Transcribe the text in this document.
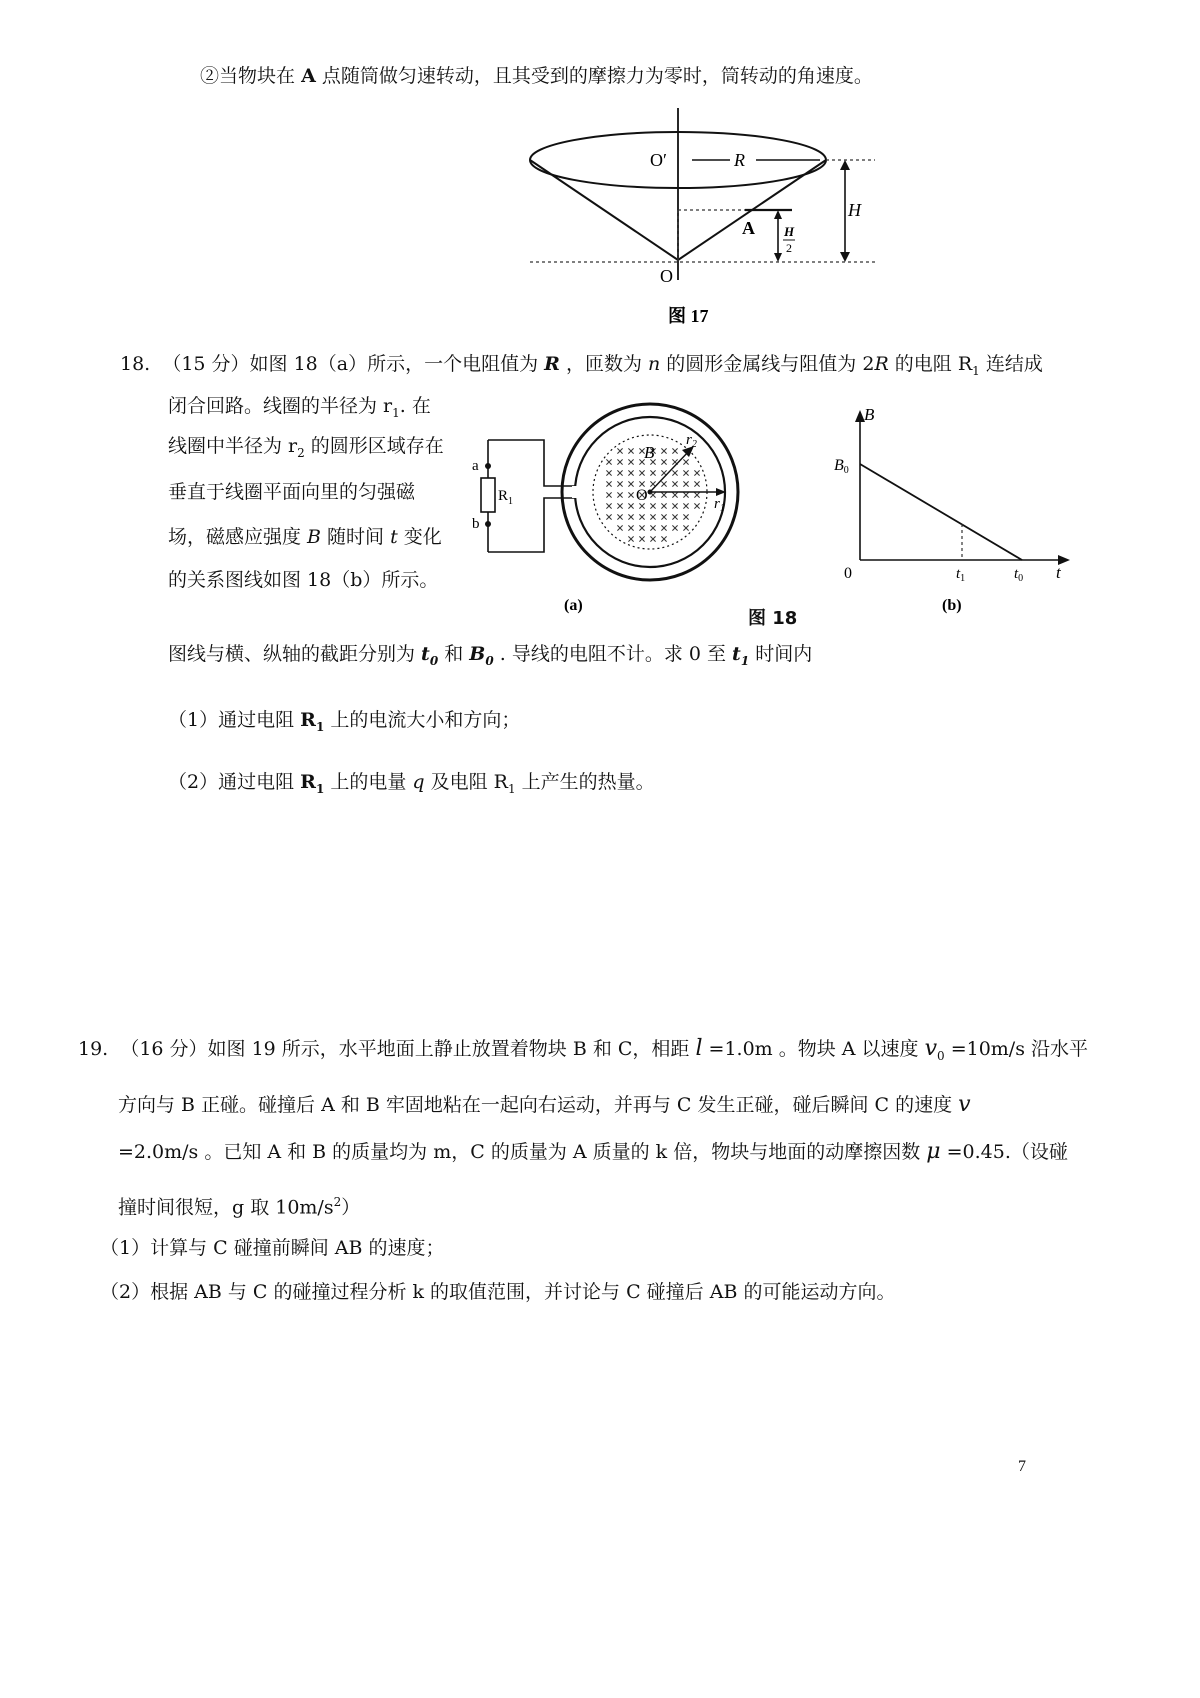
②当物块在 A 点随筒做匀速转动，且其受到的摩擦力为零时，筒转动的角速度。
O′	R
H
A H
2
O
图 17
18. （15 分）如图 18（a）所示，一个电阻值为 R ，匝数为 n 的圆形金属线与阻值为 2R 的电阻 $R_1$ 连结成
闭合回路。线圈的半径为 $r_1$. 在
线圈中半径为 $r_2$ 的圆形区域存在
垂直于线圈平面向里的匀强磁
场，磁感应强度 B 随时间 t 变化
的关系图线如图 18（b）所示。
a
b
$R_1$
B
O
$r_2$
$r_1$
(a)
图 18
B
B0
0	$t_1$	$t_0$ t
(b)
图线与横、纵轴的截距分别为 $t_0$ 和 $B_0$ . 导线的电阻不计。求 0 至 $t_1$ 时间内
（1）通过电阻 $R_1$ 上的电流大小和方向；
（2）通过电阻 $R_1$ 上的电量 q 及电阻 $R_1$ 上产生的热量。
19. （16 分）如图 19 所示，水平地面上静止放置着物块 B 和 C，相距 l =1.0m 。物块 A 以速度 $v_0 =10m/s$ 沿水平
方向与 B 正碰。碰撞后 A 和 B 牢固地粘在一起向右运动，并再与 C 发生正碰，碰后瞬间 C 的速度 v
=2.0m/s 。已知 A 和 B 的质量均为 m，C 的质量为 A 质量的 k 倍，物块与地面的动摩擦因数 μ =0.45.（设碰
撞时间很短，g 取 $10m/s^2$）
（1）计算与 C 碰撞前瞬间 AB 的速度；
（2）根据 AB 与 C 的碰撞过程分析 k 的取值范围，并讨论与 C 碰撞后 AB 的可能运动方向。
7
